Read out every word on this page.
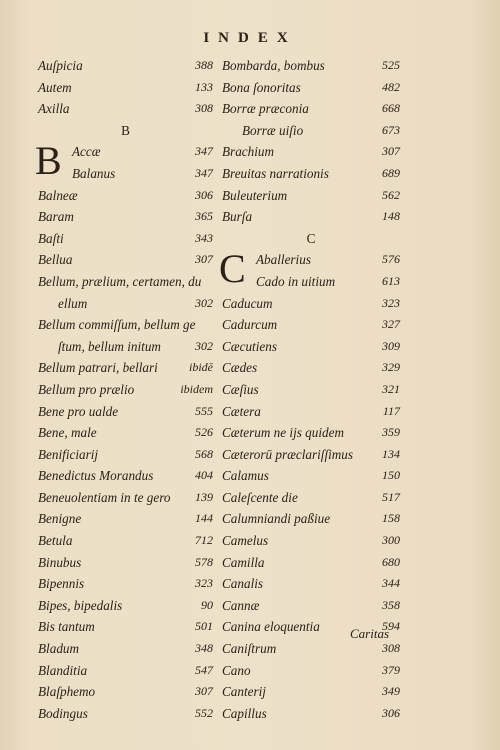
INDEX
Auſpicia	388
Autem	133
Axilla	308
B
B Accæ	347
Balanus	347
Balneæ	306
Baram	365
Baſti	343
Bellua	307
Bellum, prælium, certamen, du
ellum	302
Bellum commiſſum, bellum ge
ſtum, bellum initum	302
Bellum patrari, bellari	ibidē
Bellum pro prælio	ibidem
Bene pro ualde	555
Bene, male	526
Benificiarij	568
Benedictus Morandus	404
Beneuolentiam in te gero 139
Benigne	144
Betula	712
Binubus	578
Bipennis	323
Bipes, bipedalis	90
Bis tantum	501
Bladum	348
Blanditia	547
Blaſphemo	307
Bodingus	552
Bombarda, bombus	525
Bona ſonoritas	482
Borræ præconia	668
Borræ uiſio	673
Brachium	307
Breuitas narrationis	689
Buleuterium	562
Burſa	148
C
C Aballerius	576
Cado in uitium	613
Caducum	323
Cadurcum	327
Cæcutiens	309
Cædes	329
Cæſius	321
Cætera	117
Cæterum ne ijs quidem	359
Cæterorū præclariſſimus 134
Calamus	150
Caleſcente die	517
Calumniandi paßiue	158
Camelus	300
Camilla	680
Canalis	344
Cannæ	358
Canina eloquentia	594
Caniſtrum	308
Cano	379
Canterij	349
Capillus	306
Caritas
